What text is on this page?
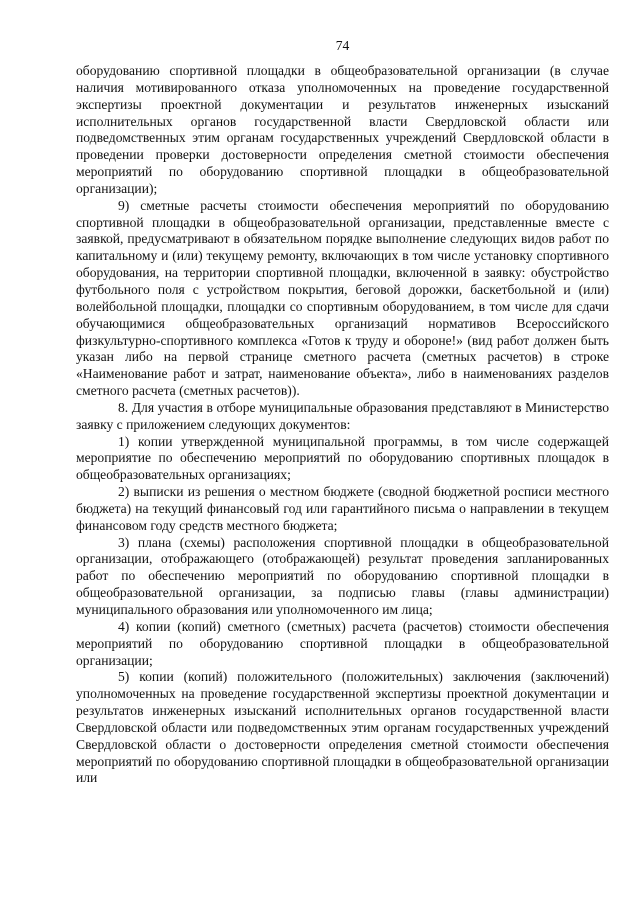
74

оборудованию спортивной площадки в общеобразовательной организации (в случае наличия мотивированного отказа уполномоченных на проведение государственной экспертизы проектной документации и результатов инженерных изысканий исполнительных органов государственной власти Свердловской области или подведомственных этим органам государственных учреждений Свердловской области в проведении проверки достоверности определения сметной стоимости обеспечения мероприятий по оборудованию спортивной площадки в общеобразовательной организации);

9) сметные расчеты стоимости обеспечения мероприятий по оборудованию спортивной площадки в общеобразовательной организации, представленные вместе с заявкой, предусматривают в обязательном порядке выполнение следующих видов работ по капитальному и (или) текущему ремонту, включающих в том числе установку спортивного оборудования, на территории спортивной площадки, включенной в заявку: обустройство футбольного поля с устройством покрытия, беговой дорожки, баскетбольной и (или) волейбольной площадки, площадки со спортивным оборудованием, в том числе для сдачи обучающимися общеобразовательных организаций нормативов Всероссийского физкультурно-спортивного комплекса «Готов к труду и обороне!» (вид работ должен быть указан либо на первой странице сметного расчета (сметных расчетов) в строке «Наименование работ и затрат, наименование объекта», либо в наименованиях разделов сметного расчета (сметных расчетов)).

8. Для участия в отборе муниципальные образования представляют в Министерство заявку с приложением следующих документов:

1) копии утвержденной муниципальной программы, в том числе содержащей мероприятие по обеспечению мероприятий по оборудованию спортивных площадок в общеобразовательных организациях;

2) выписки из решения о местном бюджете (сводной бюджетной росписи местного бюджета) на текущий финансовый год или гарантийного письма о направлении в текущем финансовом году средств местного бюджета;

3) плана (схемы) расположения спортивной площадки в общеобразовательной организации, отображающего (отображающей) результат проведения запланированных работ по обеспечению мероприятий по оборудованию спортивной площадки в общеобразовательной организации, за подписью главы (главы администрации) муниципального образования или уполномоченного им лица;

4) копии (копий) сметного (сметных) расчета (расчетов) стоимости обеспечения мероприятий по оборудованию спортивной площадки в общеобразовательной организации;

5) копии (копий) положительного (положительных) заключения (заключений) уполномоченных на проведение государственной экспертизы проектной документации и результатов инженерных изысканий исполнительных органов государственной власти Свердловской области или подведомственных этим органам государственных учреждений Свердловской области о достоверности определения сметной стоимости обеспечения мероприятий по оборудованию спортивной площадки в общеобразовательной организации или
